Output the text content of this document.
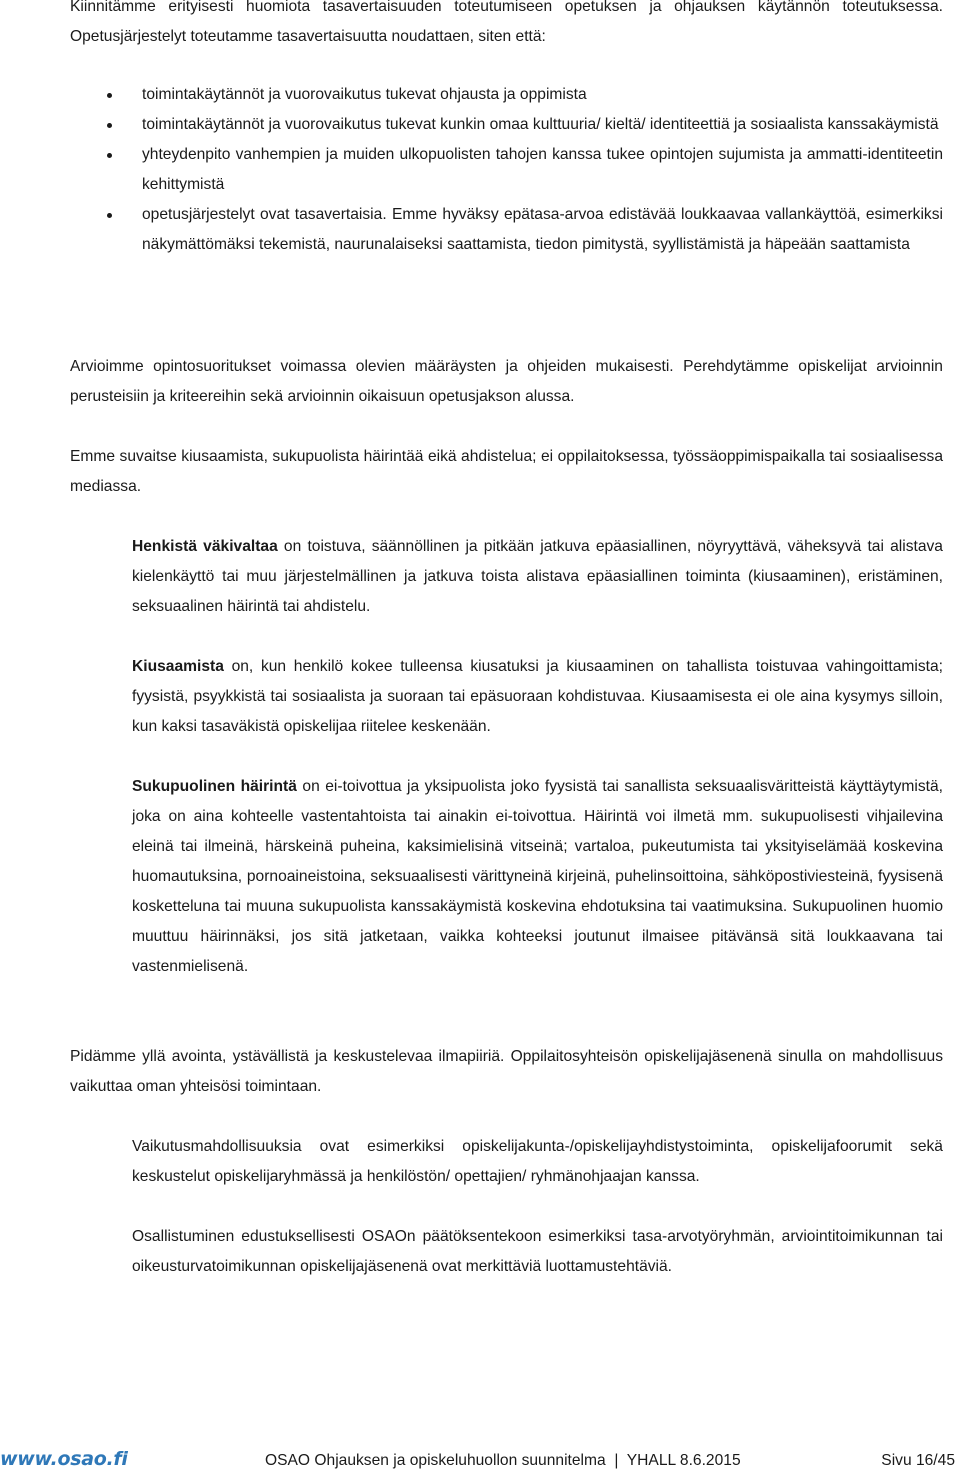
Kiinnitämme erityisesti huomiota tasavertaisuuden toteutumiseen opetuksen ja ohjauksen käytännön toteutuksessa. Opetusjärjestelyt toteutamme tasavertaisuutta noudattaen, siten että:

toimintakäytännöt ja vuorovaikutus tukevat ohjausta ja oppimista
toimintakäytännöt ja vuorovaikutus tukevat kunkin omaa kulttuuria/ kieltä/ identiteettiä ja sosiaalista kanssakäymistä
yhteydenpito vanhempien ja muiden ulkopuolisten tahojen kanssa tukee opintojen sujumista ja ammatti-identiteetin kehittymistä
opetusjärjestelyt ovat tasavertaisia. Emme hyväksy epätasa-arvoa edistävää loukkaavaa vallankäyttöä, esimerkiksi näkymättömäksi tekemistä, naurunalaiseksi saattamista, tiedon pimitystä, syyllistämistä ja häpeään saattamista

Arvioimme opintosuoritukset voimassa olevien määräysten ja ohjeiden mukaisesti. Perehdytämme opiskelijat arvioinnin perusteisiin ja kriteereihin sekä arvioinnin oikaisuun opetusjakson alussa.

Emme suvaitse kiusaamista, sukupuolista häirintää eikä ahdistelua; ei oppilaitoksessa, työssäoppimispaikalla tai sosiaalisessa mediassa.

Henkistä väkivaltaa on toistuva, säännöllinen ja pitkään jatkuva epäasiallinen, nöyryyttävä, väheksyvä tai alistava kielenkäyttö tai muu järjestelmällinen ja jatkuva toista alistava epäasiallinen toiminta (kiusaaminen), eristäminen, seksuaalinen häirintä tai ahdistelu.

Kiusaamista on, kun henkilö kokee tulleensa kiusatuksi ja kiusaaminen on tahallista toistuvaa vahingoittamista; fyysistä, psyykkistä tai sosiaalista ja suoraan tai epäsuoraan kohdistuvaa. Kiusaamisesta ei ole aina kysymys silloin, kun kaksi tasaväkistä opiskelijaa riitelee keskenään.

Sukupuolinen häirintä on ei-toivottua ja yksipuolista joko fyysistä tai sanallista seksuaalisväritteistä käyttäytymistä, joka on aina kohteelle vastentahtoista tai ainakin ei-toivottua. Häirintä voi ilmetä mm. sukupuolisesti vihjailevina eleinä tai ilmeinä, härskeinä puheina, kaksimielisinä vitseinä; vartaloa, pukeutumista tai yksityiselämää koskevina huomautuksina, pornoaineistoina, seksuaalisesti värittyneinä kirjeinä, puhelinsoittoina, sähköpostiviesteinä, fyysisenä kosketteluna tai muuna sukupuolista kanssakäymistä koskevina ehdotuksina tai vaatimuksina. Sukupuolinen huomio muuttuu häirinnäksi, jos sitä jatketaan, vaikka kohteeksi joutunut ilmaisee pitävänsä sitä loukkaavana tai vastenmielisenä.

Pidämme yllä avointa, ystävällistä ja keskustelevaa ilmapiiriä. Oppilaitosyhteisön opiskelijajäsenenä sinulla on mahdollisuus vaikuttaa oman yhteisösi toimintaan.

Vaikutusmahdollisuuksia ovat esimerkiksi opiskelijakunta-/opiskelijayhdistystoiminta, opiskelijafoorumit sekä keskustelut opiskelijaryhmässä ja henkilöstön/ opettajien/ ryhmänohjaajan kanssa.

Osallistuminen edustuksellisesti OSAOn päätöksentekoon esimerkiksi tasa-arvotyöryhmän, arviointitoimikunnan tai oikeusturvatoimikunnan opiskelijajäsenenä ovat merkittäviä luottamustehtäviä.

www.osao.fi	OSAO Ohjauksen ja opiskeluhuollon suunnitelma  |  YHALL 8.6.2015	Sivu 16/45
